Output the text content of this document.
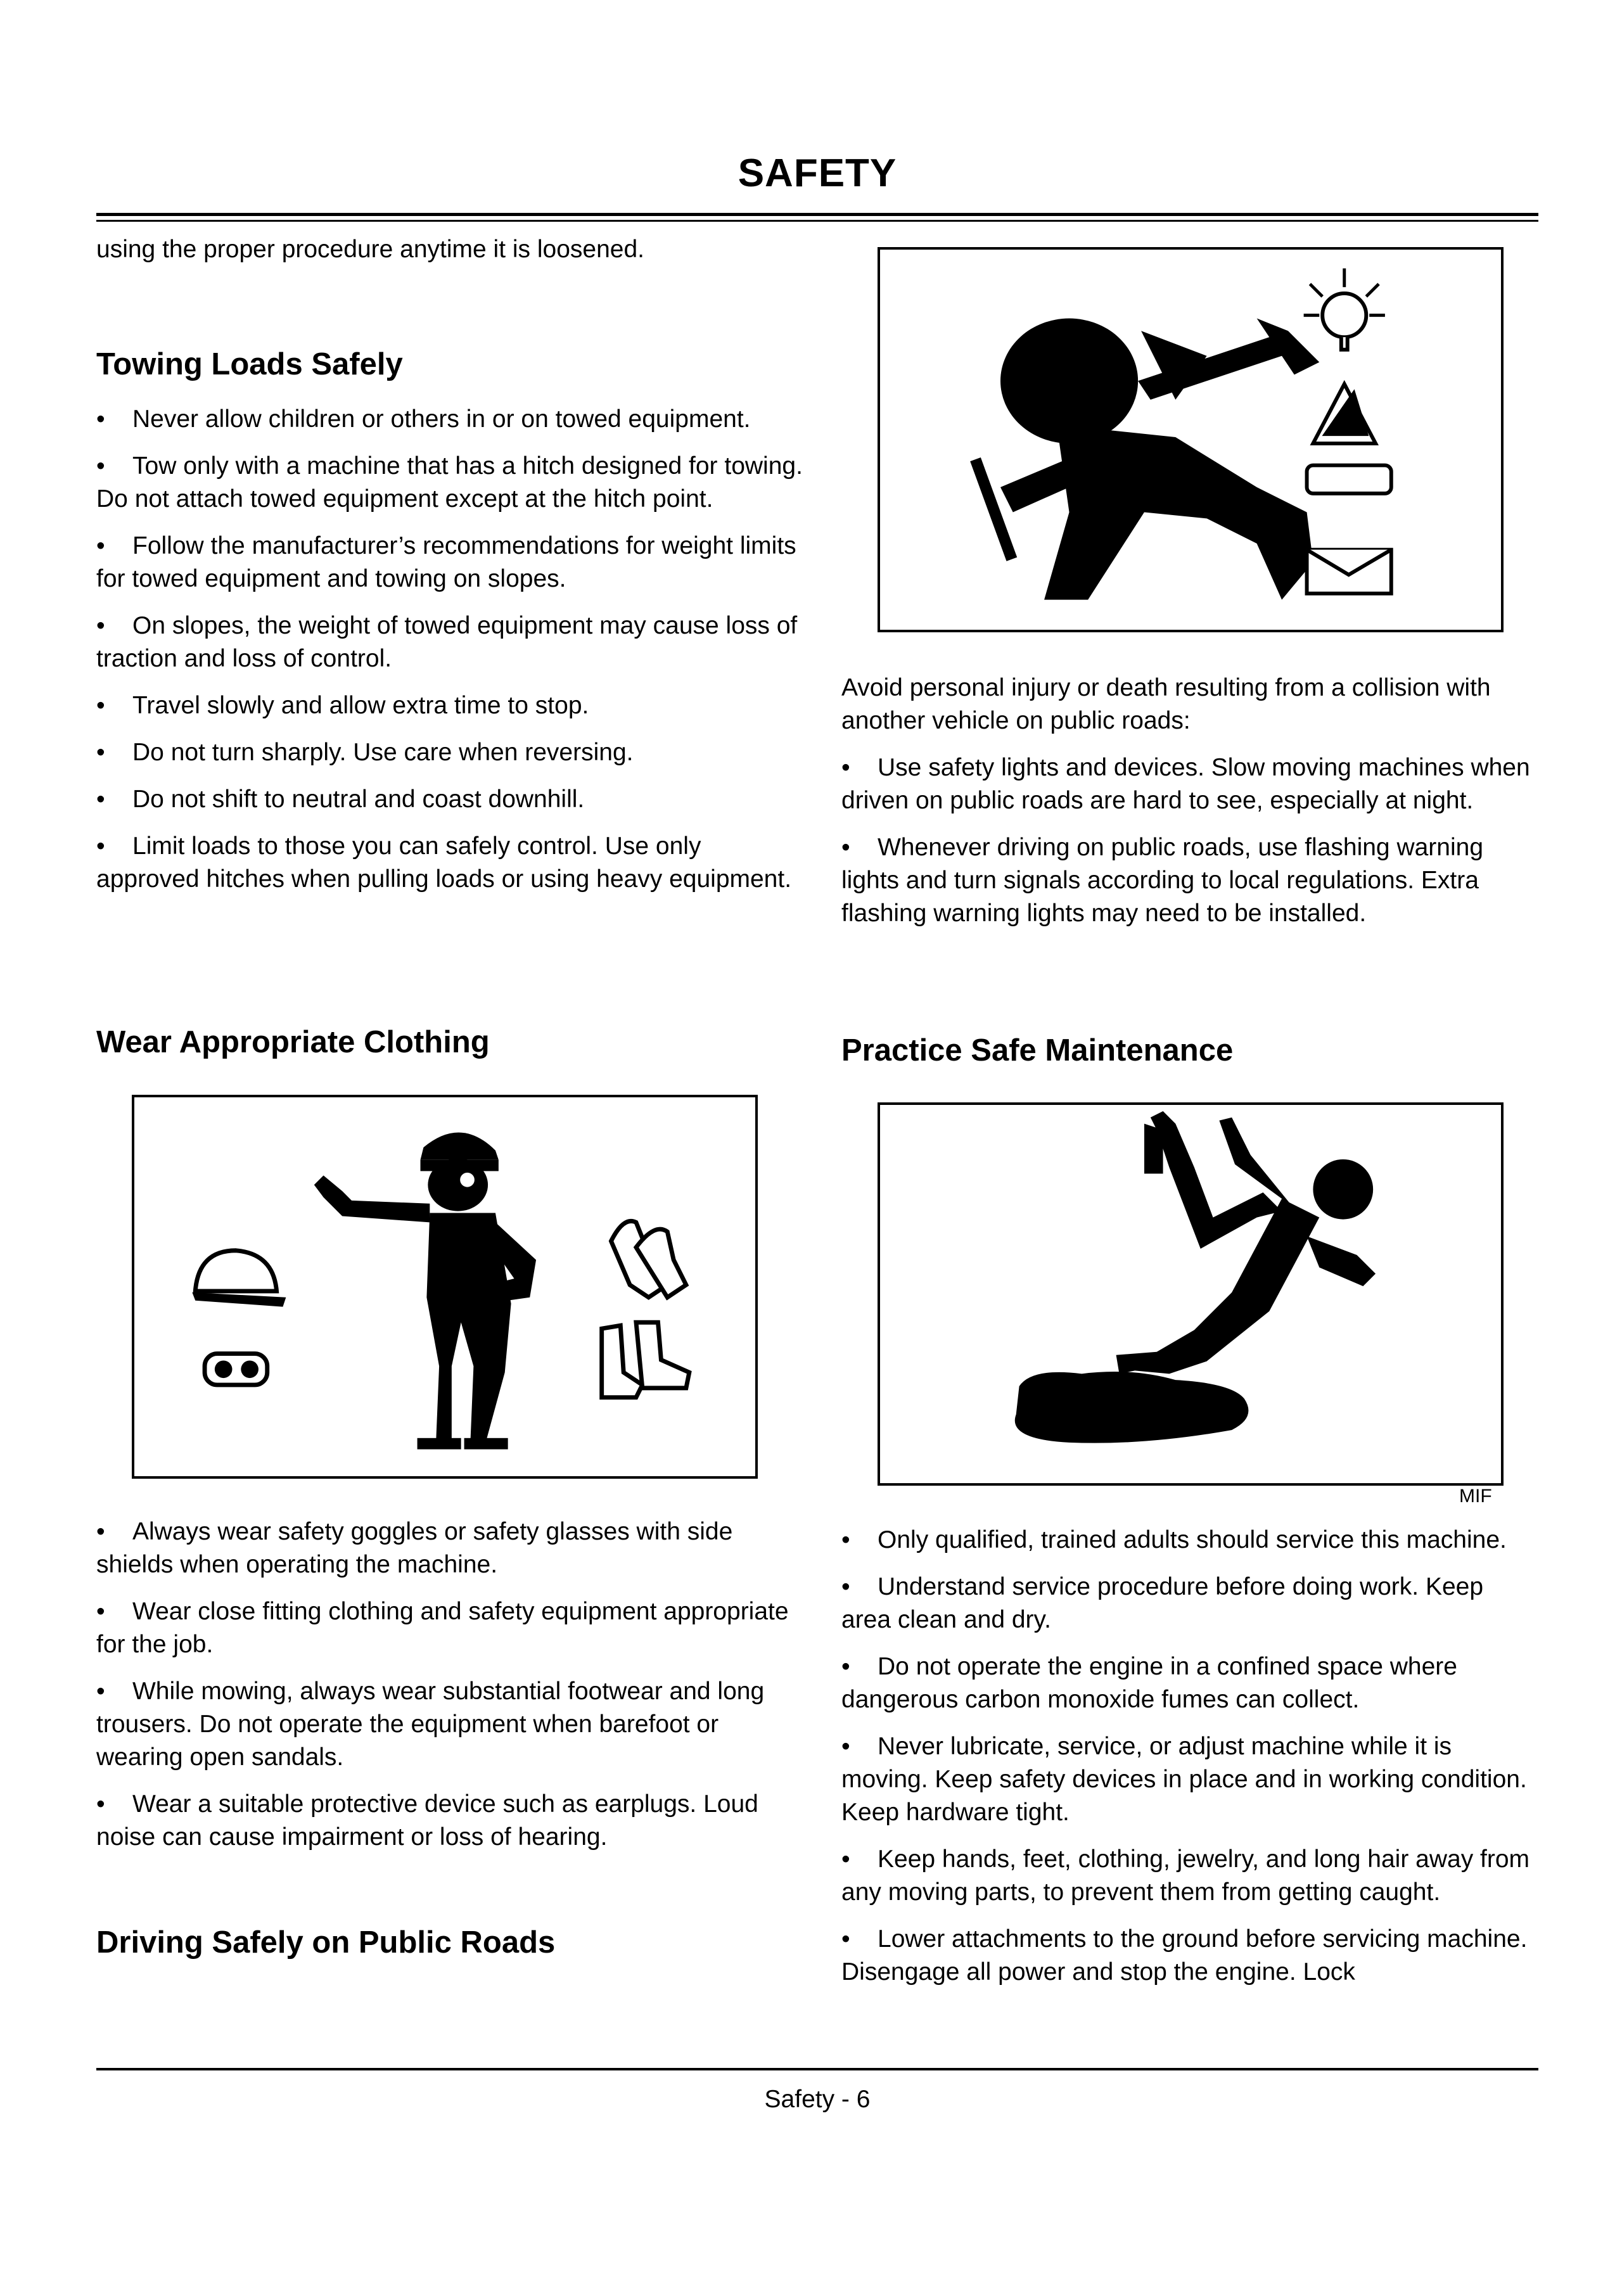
SAFETY

using the proper procedure anytime it is loosened.

Towing Loads Safely

• Never allow children or others in or on towed equipment.

• Tow only with a machine that has a hitch designed for towing. Do not attach towed equipment except at the hitch point.

• Follow the manufacturer’s recommendations for weight limits for towed equipment and towing on slopes.

• On slopes, the weight of towed equipment may cause loss of traction and loss of control.

• Travel slowly and allow extra time to stop.

• Do not turn sharply. Use care when reversing.

• Do not shift to neutral and coast downhill.

• Limit loads to those you can safely control. Use only approved hitches when pulling loads or using heavy equipment.

Wear Appropriate Clothing

• Always wear safety goggles or safety glasses with side shields when operating the machine.

• Wear close fitting clothing and safety equipment appropriate for the job.

• While mowing, always wear substantial footwear and long trousers. Do not operate the equipment when barefoot or wearing open sandals.

• Wear a suitable protective device such as earplugs. Loud noise can cause impairment or loss of hearing.

Driving Safely on Public Roads

Avoid personal injury or death resulting from a collision with another vehicle on public roads:

• Use safety lights and devices. Slow moving machines when driven on public roads are hard to see, especially at night.

• Whenever driving on public roads, use flashing warning lights and turn signals according to local regulations. Extra flashing warning lights may need to be installed.

Practice Safe Maintenance
MIF

• Only qualified, trained adults should service this machine.

• Understand service procedure before doing work. Keep area clean and dry.

• Do not operate the engine in a confined space where dangerous carbon monoxide fumes can collect.

• Never lubricate, service, or adjust machine while it is moving. Keep safety devices in place and in working condition. Keep hardware tight.

• Keep hands, feet, clothing, jewelry, and long hair away from any moving parts, to prevent them from getting caught.

• Lower attachments to the ground before servicing machine. Disengage all power and stop the engine. Lock

Safety - 6
